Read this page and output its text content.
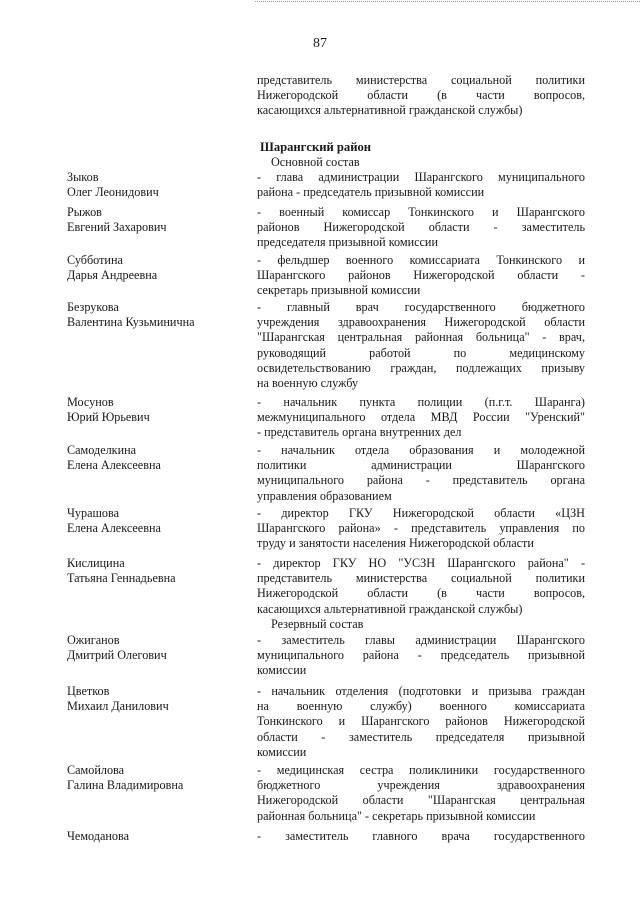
87
представитель министерства социальной политики
Нижегородской области (в части вопросов,
касающихся альтернативной гражданской службы)
Шарангский район
Основной состав
Зыков
Олег Леонидович
- глава администрации Шарангского муниципального
района - председатель призывной комиссии
Рыжов
Евгений Захарович
- военный комиссар Тонкинского и Шарангского
районов Нижегородской области - заместитель
председателя призывной комиссии
Субботина
Дарья Андреевна
- фельдшер военного комиссариата Тонкинского и
Шарангского районов Нижегородской области -
секретарь призывной комиссии
Безрукова
Валентина Кузьминична
- главный врач государственного бюджетного
учреждения здравоохранения Нижегородской области
"Шарангская центральная районная больница" - врач,
руководящий работой по медицинскому
освидетельствованию граждан, подлежащих призыву
на военную службу
Мосунов
Юрий Юрьевич
- начальник пункта полиции (п.г.т. Шаранга)
межмуниципального отдела МВД России "Уренский"
- представитель органа внутренних дел
Самоделкина
Елена Алексеевна
- начальник отдела образования и молодежной
политики администрации Шарангского
муниципального района - представитель органа
управления образованием
Чурашова
Елена Алексеевна
- директор ГКУ Нижегородской области «ЦЗН
Шарангского района» - представитель управления по
труду и занятости населения Нижегородской области
Кислицина
Татьяна Геннадьевна
- директор ГКУ НО "УСЗН Шарангского района" -
представитель министерства социальной политики
Нижегородской области (в части вопросов,
касающихся альтернативной гражданской службы)
Резервный состав
Ожиганов
Дмитрий Олегович
- заместитель главы администрации Шарангского
муниципального района - председатель призывной
комиссии
Цветков
Михаил Данилович
- начальник отделения (подготовки и призыва граждан
на военную службу) военного комиссариата
Тонкинского и Шарангского районов Нижегородской
области - заместитель председателя призывной
комиссии
Самойлова
Галина Владимировна
- медицинская сестра поликлиники государственного
бюджетного учреждения здравоохранения
Нижегородской области "Шарангская центральная
районная больница" - секретарь призывной комиссии
Чемоданова	- заместитель главного врача государственного
